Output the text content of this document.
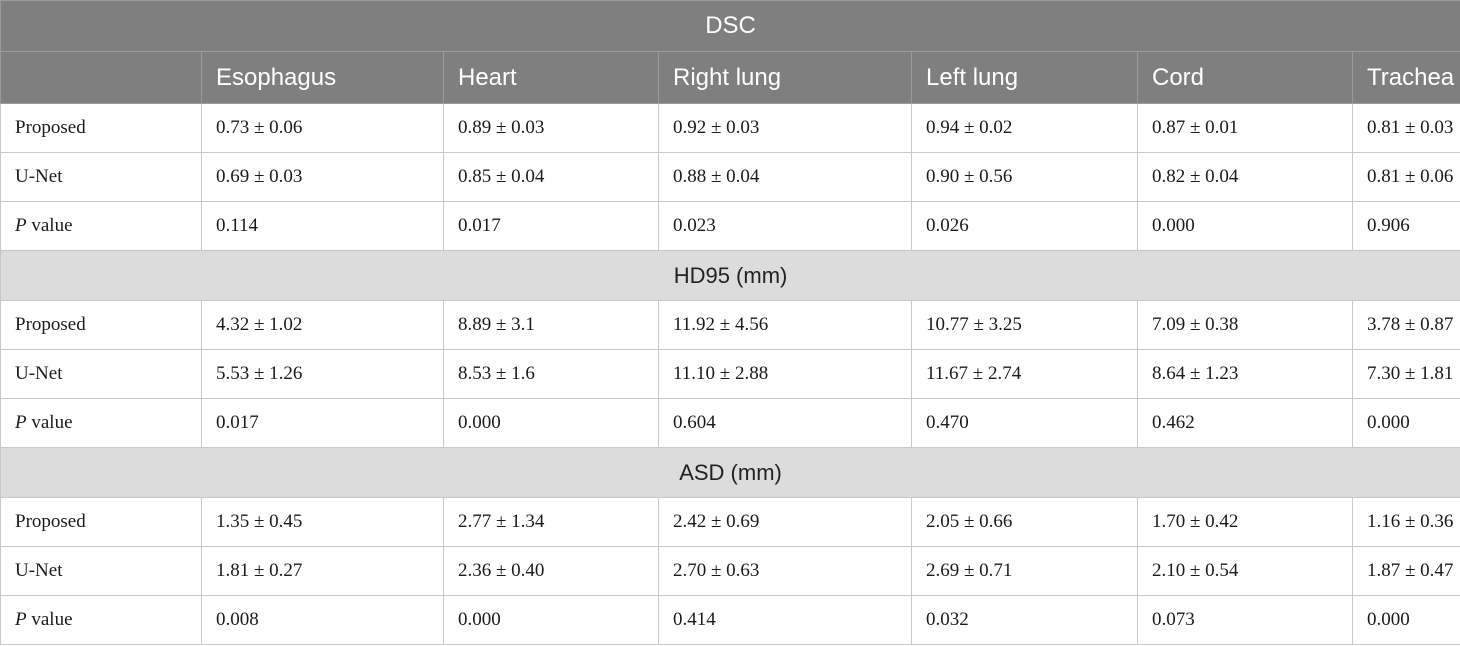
DSC						
	Esophagus	Heart	Right lung	Left lung	Cord	Trachea
Proposed	0.73 ± 0.06	0.89 ± 0.03	0.92 ± 0.03	0.94 ± 0.02	0.87 ± 0.01	0.81 ± 0.03
U-Net	0.69 ± 0.03	0.85 ± 0.04	0.88 ± 0.04	0.90 ± 0.56	0.82 ± 0.04	0.81 ± 0.06
P value	0.114	0.017	0.023	0.026	0.000	0.906
HD95 (mm)						
Proposed	4.32 ± 1.02	8.89 ± 3.1	11.92 ± 4.56	10.77 ± 3.25	7.09 ± 0.38	3.78 ± 0.87
U-Net	5.53 ± 1.26	8.53 ± 1.6	11.10 ± 2.88	11.67 ± 2.74	8.64 ± 1.23	7.30 ± 1.81
P value	0.017	0.000	0.604	0.470	0.462	0.000
ASD (mm)						
Proposed	1.35 ± 0.45	2.77 ± 1.34	2.42 ± 0.69	2.05 ± 0.66	1.70 ± 0.42	1.16 ± 0.36
U-Net	1.81 ± 0.27	2.36 ± 0.40	2.70 ± 0.63	2.69 ± 0.71	2.10 ± 0.54	1.87 ± 0.47
P value	0.008	0.000	0.414	0.032	0.073	0.000
